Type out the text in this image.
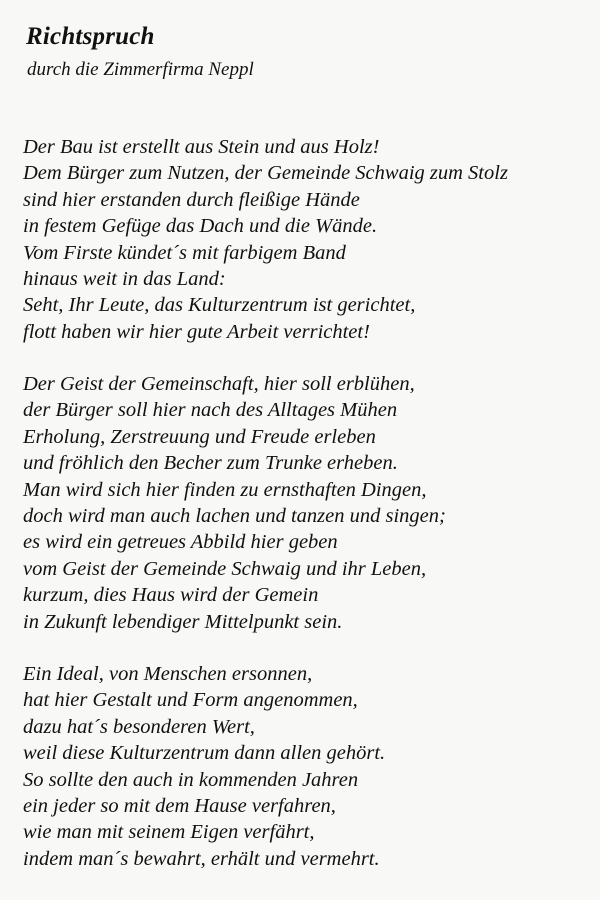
Richtspruch
durch die Zimmerfirma Neppl
Der Bau ist erstellt aus Stein und aus Holz!
Dem Bürger zum Nutzen, der Gemeinde Schwaig zum Stolz
sind hier erstanden durch fleißige Hände
in festem Gefüge das Dach und die Wände.
Vom Firste kündet´s mit farbigem Band
hinaus weit in das Land:
Seht, Ihr Leute, das Kulturzentrum ist gerichtet,
flott haben wir hier gute Arbeit verrichtet!
Der Geist der Gemeinschaft, hier soll erblühen,
der Bürger soll hier nach des Alltages Mühen
Erholung, Zerstreuung und Freude erleben
und fröhlich den Becher zum Trunke erheben.
Man wird sich hier finden zu ernsthaften Dingen,
doch wird man auch lachen und tanzen und singen;
es wird ein getreues Abbild hier geben
vom Geist der Gemeinde Schwaig und ihr Leben,
kurzum, dies Haus wird der Gemein
in Zukunft lebendiger Mittelpunkt sein.
Ein Ideal, von Menschen ersonnen,
hat hier Gestalt und Form angenommen,
dazu hat´s besonderen Wert,
weil diese Kulturzentrum dann allen gehört.
So sollte den auch in kommenden Jahren
ein jeder so mit dem Hause verfahren,
wie man mit seinem Eigen verfährt,
indem man´s bewahrt, erhält und vermehrt.
